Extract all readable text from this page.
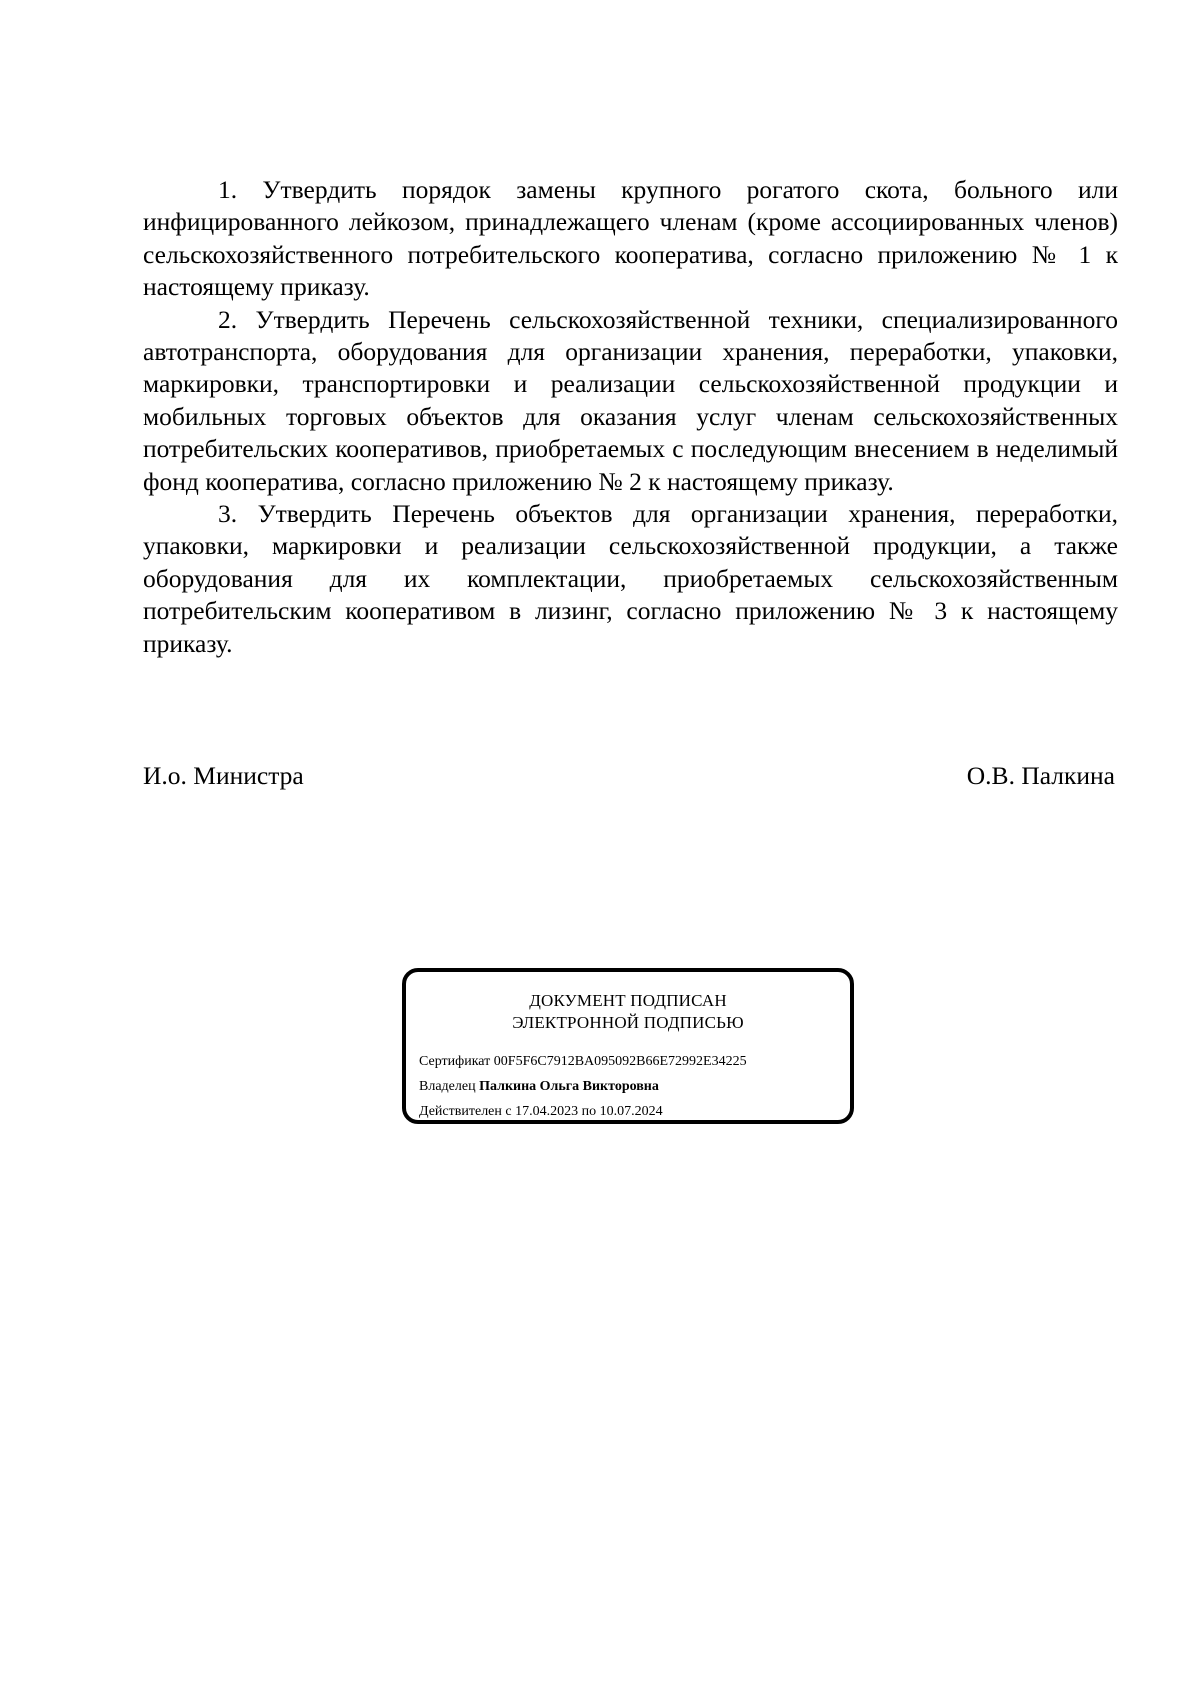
1. Утвердить порядок замены крупного рогатого скота, больного или инфицированного лейкозом, принадлежащего членам (кроме ассоциированных членов) сельскохозяйственного потребительского кооператива, согласно приложению № 1 к настоящему приказу.

2. Утвердить Перечень сельскохозяйственной техники, специализированного автотранспорта, оборудования для организации хранения, переработки, упаковки, маркировки, транспортировки и реализации сельскохозяйственной продукции и мобильных торговых объектов для оказания услуг членам сельскохозяйственных потребительских кооперативов, приобретаемых с последующим внесением в неделимый фонд кооператива, согласно приложению № 2 к настоящему приказу.

3. Утвердить Перечень объектов для организации хранения, переработки, упаковки, маркировки и реализации сельскохозяйственной продукции, а также оборудования для их комплектации, приобретаемых сельскохозяйственным потребительским кооперативом в лизинг, согласно приложению № 3 к настоящему приказу.

И.о. Министра	О.В. Палкина
ДОКУМЕНТ ПОДПИСАН
ЭЛЕКТРОННОЙ ПОДПИСЬЮ
Сертификат 00F5F6C7912BA095092B66E72992E34225
Владелец Палкина Ольга Викторовна
Действителен с 17.04.2023 по 10.07.2024
